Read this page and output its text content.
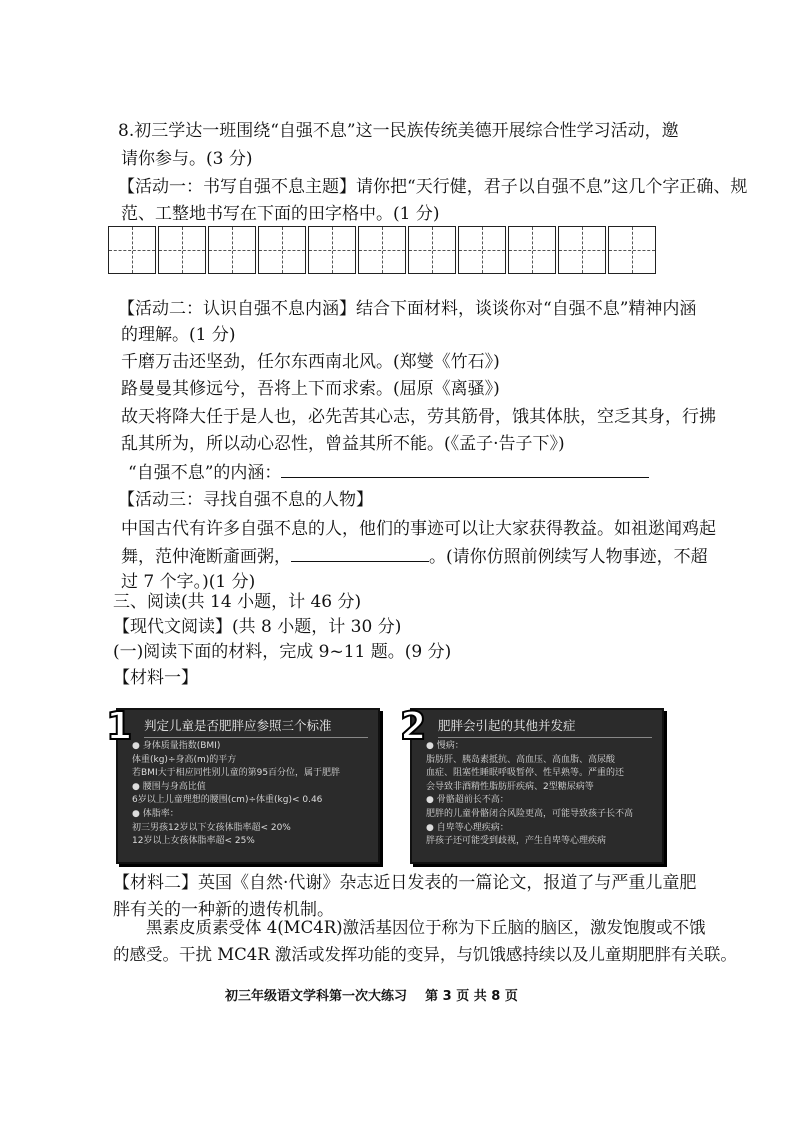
8.初三学达一班围绕“自强不息”这一民族传统美德开展综合性学习活动，邀
请你参与。(3 分)
【活动一：书写自强不息主题】请你把“天行健，君子以自强不息”这几个字正确、规
范、工整地书写在下面的田字格中。(1 分)
【活动二：认识自强不息内涵】结合下面材料，谈谈你对“自强不息”精神内涵
的理解。(1 分)
千磨万击还坚劲，任尔东西南北风。(郑燮《竹石》)
路曼曼其修远兮，吾将上下而求索。(屈原《离骚》)
故天将降大任于是人也，必先苦其心志，劳其筋骨，饿其体肤，空乏其身，行拂
乱其所为，所以动心忍性，曾益其所不能。(《孟子·告子下》)
“自强不息”的内涵：
【活动三：寻找自强不息的人物】
中国古代有许多自强不息的人，他们的事迹可以让大家获得教益。如祖逖闻鸡起
舞，范仲淹断齑画粥，	。(请你仿照前例续写人物事迹，不超
过 7 个字。)(1 分)
三、阅读(共 14 小题，计 46 分)
【现代文阅读】(共 8 小题，计 30 分)
(一)阅读下面的材料，完成 9~11 题。(9 分)
【材料一】
1 判定儿童是否肥胖应参照三个标准
● 身体质量指数(BMI)
体重(kg)÷身高(m)的平方
若BMI大于相应同性别儿童的第95百分位，属于肥胖
● 腰围与身高比值
6岁以上儿童理想的腰围(cm)÷体重(kg)< 0.46
● 体脂率：
初三男孩12岁以下女孩体脂率超< 20%
12岁以上女孩体脂率超< 25%
2 肥胖会引起的其他并发症
● 慢病：
脂肪肝、胰岛素抵抗、高血压、高血脂、高尿酸
血症、阻塞性睡眠呼吸暂停、性早熟等。严重的还
会导致非酒精性脂肪肝疾病、2型糖尿病等
● 骨骼超前长不高：
肥胖的儿童骨骼闭合风险更高，可能导致孩子长不高
● 自卑等心理疾病：
胖孩子还可能受到歧视，产生自卑等心理疾病
【材料二】英国《自然·代谢》杂志近日发表的一篇论文，报道了与严重儿童肥
胖有关的一种新的遗传机制。
　　黑素皮质素受体 4(MC4R)激活基因位于称为下丘脑的脑区，激发饱腹或不饿
的感受。干扰 MC4R 激活或发挥功能的变异，与饥饿感持续以及儿童期肥胖有关联。
初三年级语文学科第一次大练习    第 3 页 共 8 页
